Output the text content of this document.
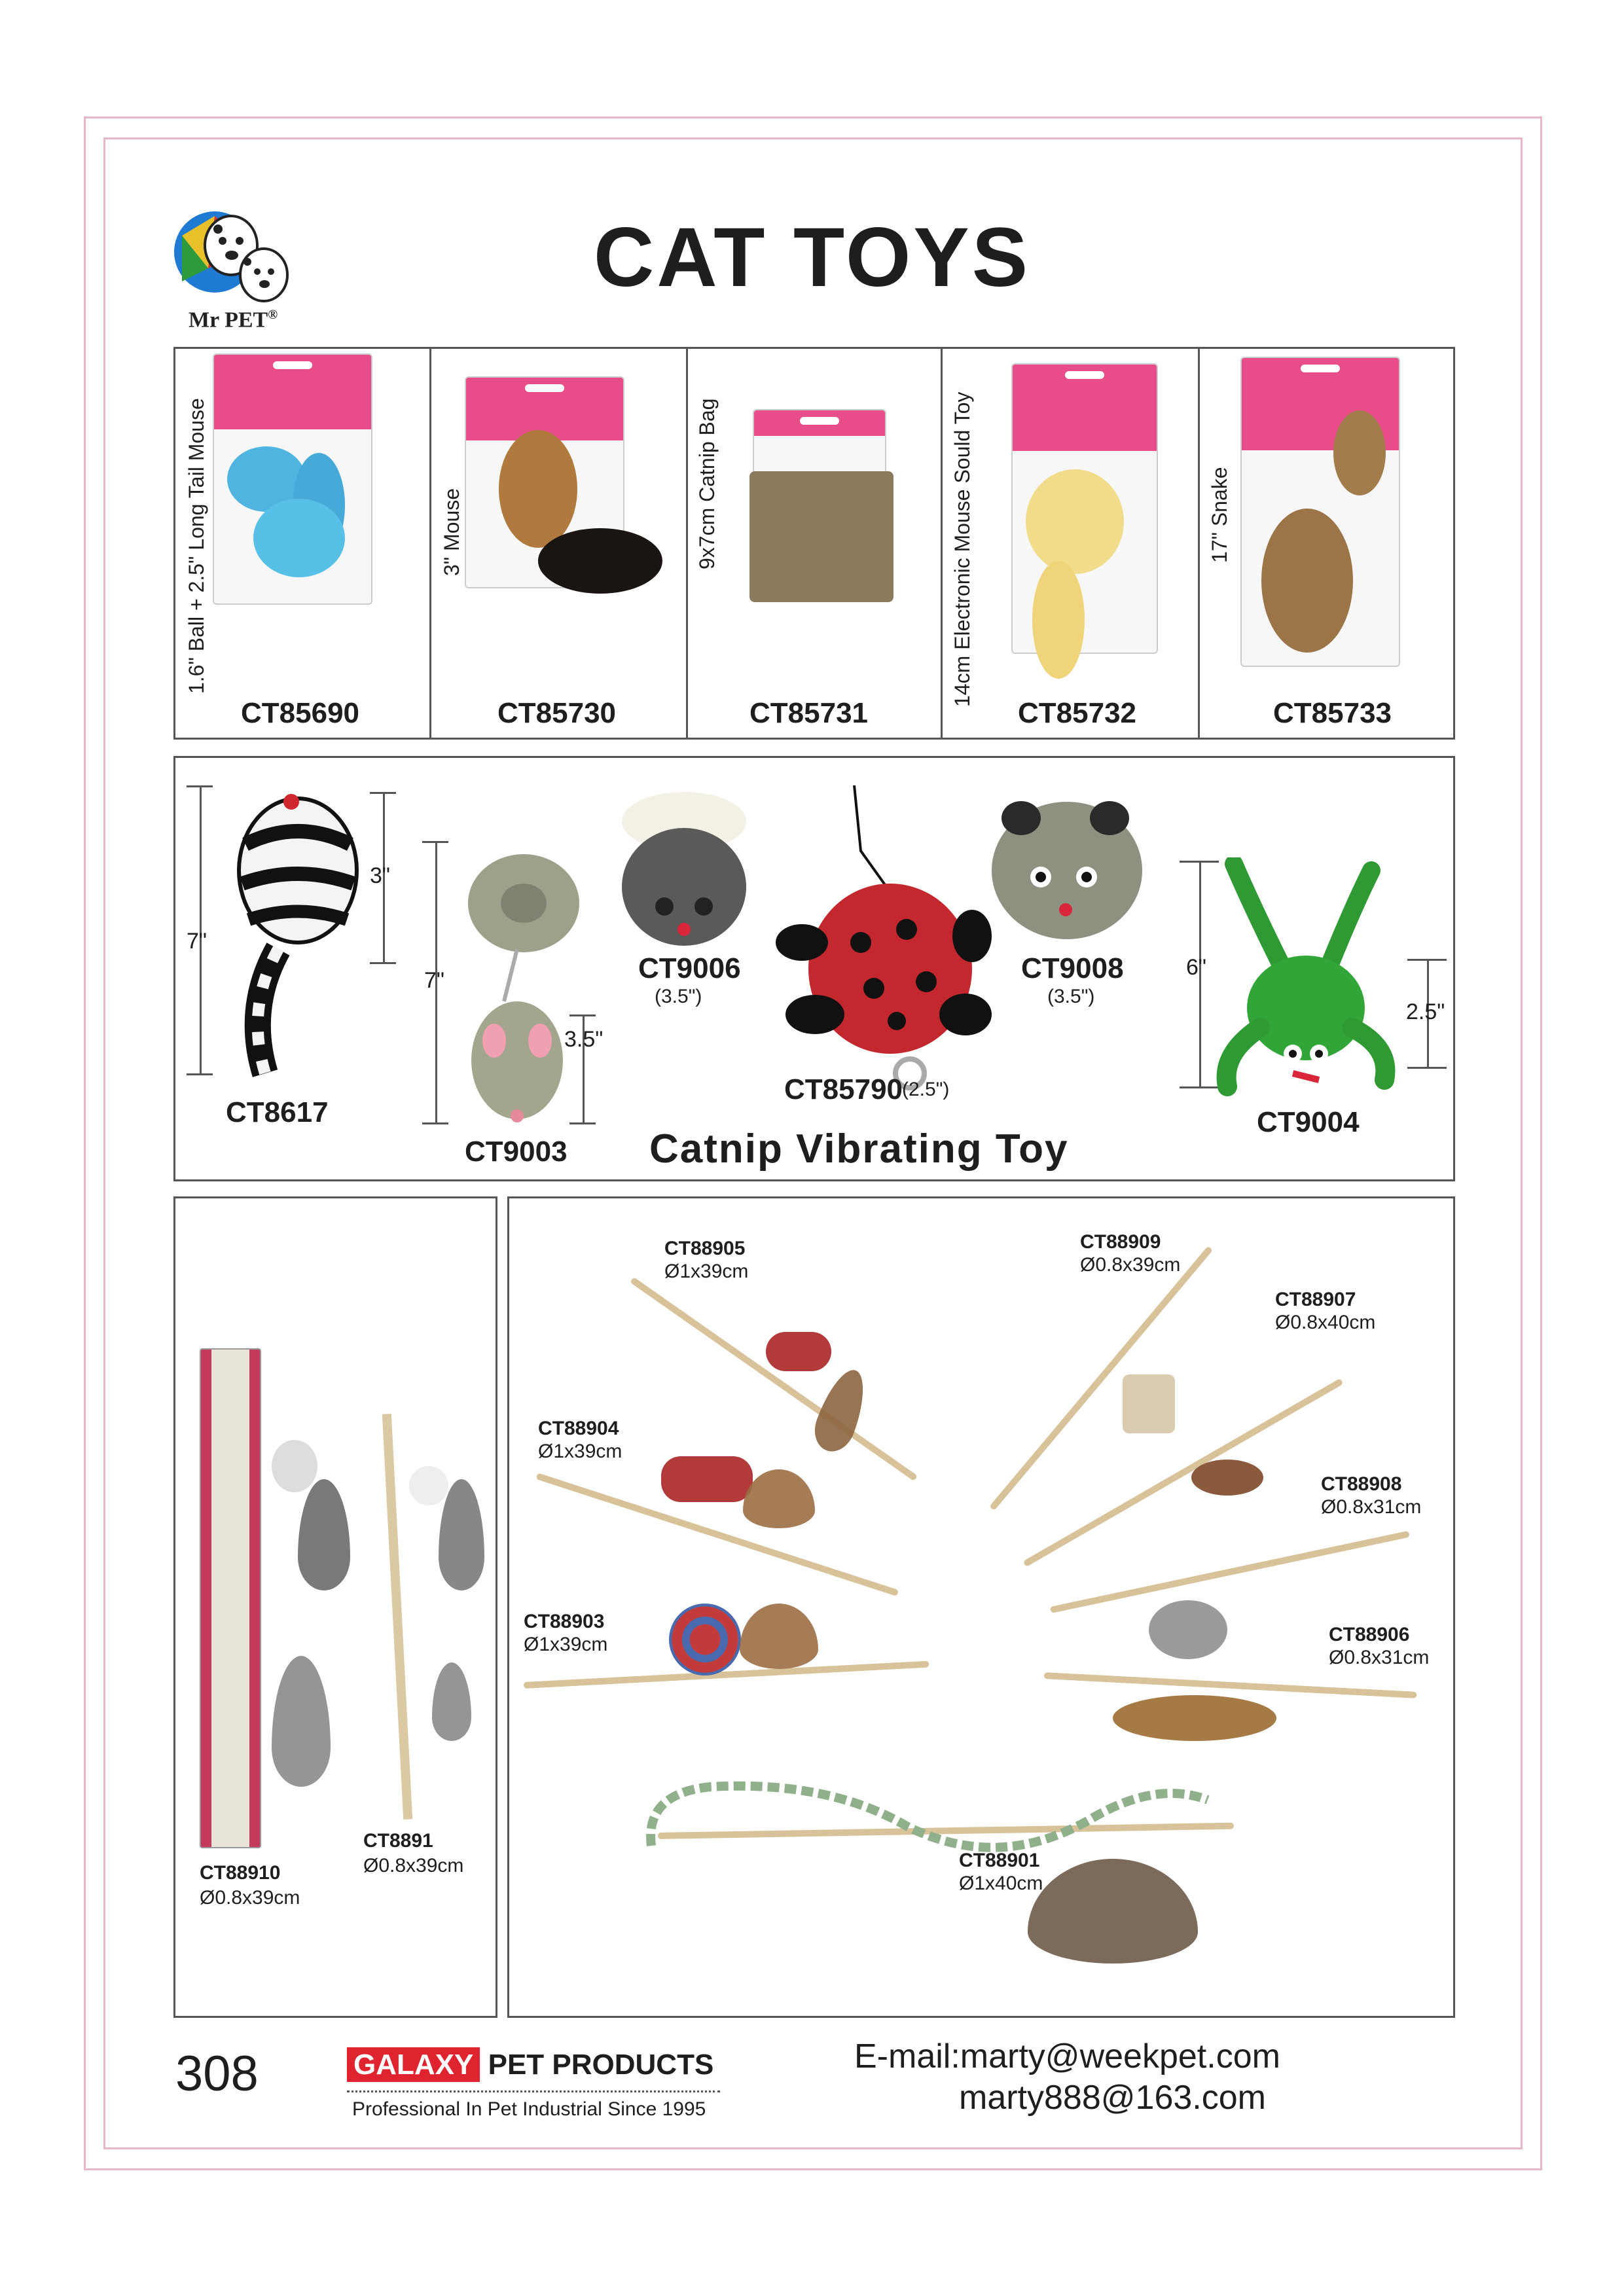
Mr PET®
CAT TOYS
1.6" Ball + 2.5" Long Tail Mouse
CT85690
3" Mouse
CT85730
9x7cm Catnip Bag
CT85731
14cm Electronic Mouse Sould Toy
CT85732
17" Snake
CT85733
7"
3"
CT8617
7"
3.5"
CT9003
CT9006
(3.5")
CT85790
(2.5")
CT9008
(3.5")
6"
2.5"
CT9004
Catnip Vibrating Toy
CT88910
Ø0.8x39cm
CT8891
Ø0.8x39cm
CT88905
Ø1x39cm
CT88904
Ø1x39cm
CT88903
Ø1x39cm
CT88909
Ø0.8x39cm
CT88907
Ø0.8x40cm
CT88908
Ø0.8x31cm
CT88906
Ø0.8x31cm
CT88901
Ø1x40cm
308	GALAXY PET PRODUCTS
Professional In Pet Industrial Since 1995
E-mail:marty@weekpet.com
marty888@163.com
